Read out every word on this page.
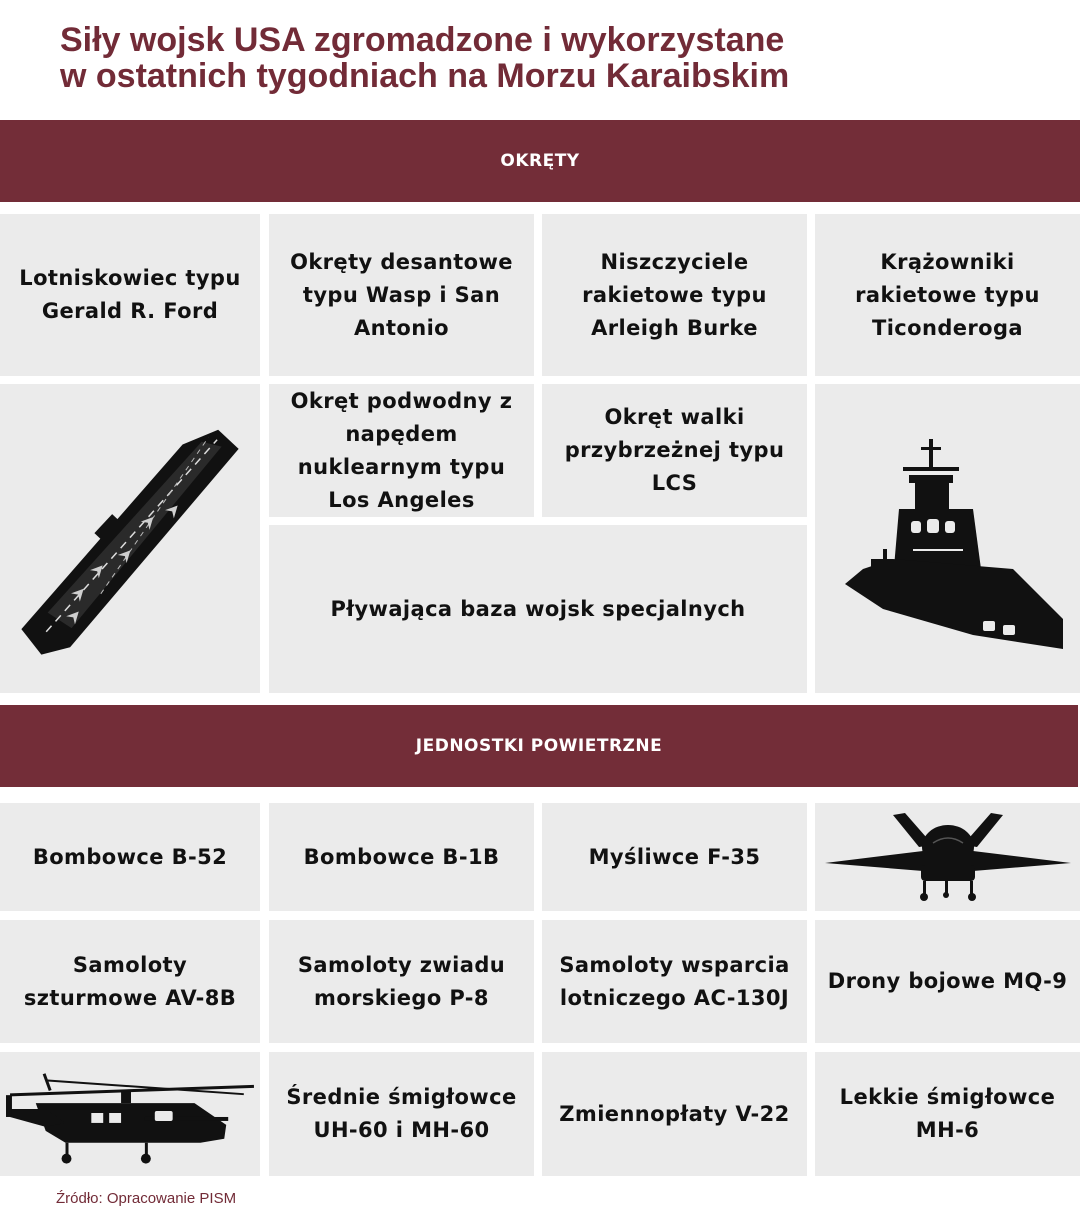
Siły wojsk USA zgromadzone i wykorzystane
w ostatnich tygodniach na Morzu Karaibskim
OKRĘTY
Lotniskowiec typu Gerald R. Ford
Okręty desantowe typu Wasp i San Antonio
Niszczyciele rakietowe typu Arleigh Burke
Krążowniki rakietowe typu Ticonderoga
Okręt podwodny z napędem nuklearnym typu Los Angeles
Okręt walki przybrzeżnej typu LCS
Pływająca baza wojsk specjalnych
JEDNOSTKI POWIETRZNE
Bombowce B-52	Bombowce B-1B	Myśliwce F-35
Samoloty szturmowe AV-8B
Samoloty zwiadu morskiego P-8
Samoloty wsparcia lotniczego AC-130J
Drony bojowe MQ-9
Średnie śmigłowce UH-60 i MH-60
Zmiennopłaty V-22
Lekkie śmigłowce MH-6
Źródło: Opracowanie PISM
